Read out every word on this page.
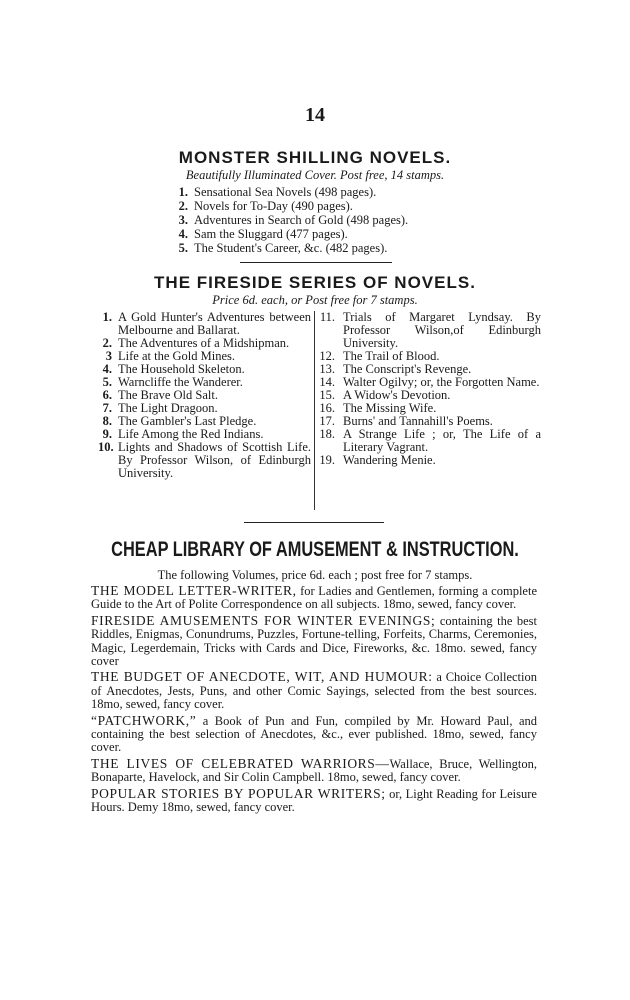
14
MONSTER SHILLING NOVELS.
Beautifully Illuminated Cover. Post free, 14 stamps.
1. Sensational Sea Novels (498 pages).
2. Novels for To-Day (490 pages).
3. Adventures in Search of Gold (498 pages).
4. Sam the Sluggard (477 pages).
5. The Student's Career, &c. (482 pages).
THE FIRESIDE SERIES OF NOVELS.
Price 6d. each, or Post free for 7 stamps.
1. A Gold Hunter's Adventures between Melbourne and Ballarat.
2. The Adventures of a Midshipman.
3 Life at the Gold Mines.
4. The Household Skeleton.
5. Warncliffe the Wanderer.
6. The Brave Old Salt.
7. The Light Dragoon.
8. The Gambler's Last Pledge.
9. Life Among the Red Indians.
10. Lights and Shadows of Scottish Life. By Professor Wilson, of Edinburgh University.
11. Trials of Margaret Lyndsay. By Professor Wilson,of Edinburgh University.
12. The Trail of Blood.
13. The Conscript's Revenge.
14. Walter Ogilvy; or, the Forgotten Name.
15. A Widow's Devotion.
16. The Missing Wife.
17. Burns' and Tannahill's Poems.
18. A Strange Life ; or, The Life of a Literary Vagrant.
19. Wandering Menie.
CHEAP LIBRARY OF AMUSEMENT & INSTRUCTION.
The following Volumes, price 6d. each ; post free for 7 stamps.
THE MODEL LETTER-WRITER, for Ladies and Gentlemen, forming a complete Guide to the Art of Polite Correspondence on all subjects. 18mo, sewed, fancy cover.
FIRESIDE AMUSEMENTS FOR WINTER EVENINGS; containing the best Riddles, Enigmas, Conundrums, Puzzles, Fortune-telling, Forfeits, Charms, Ceremonies, Magic, Legerdemain, Tricks with Cards and Dice, Fireworks, &c. 18mo. sewed, fancy cover
THE BUDGET OF ANECDOTE, WIT, AND HUMOUR: a Choice Collection of Anecdotes, Jests, Puns, and other Comic Sayings, selected from the best sources. 18mo, sewed, fancy cover.
“PATCHWORK,” a Book of Pun and Fun, compiled by Mr. Howard Paul, and containing the best selection of Anecdotes, &c., ever published. 18mo, sewed, fancy cover.
THE LIVES OF CELEBRATED WARRIORS—Wallace, Bruce, Wellington, Bonaparte, Havelock, and Sir Colin Campbell. 18mo, sewed, fancy cover.
POPULAR STORIES BY POPULAR WRITERS; or, Light Reading for Leisure Hours. Demy 18mo, sewed, fancy cover.
